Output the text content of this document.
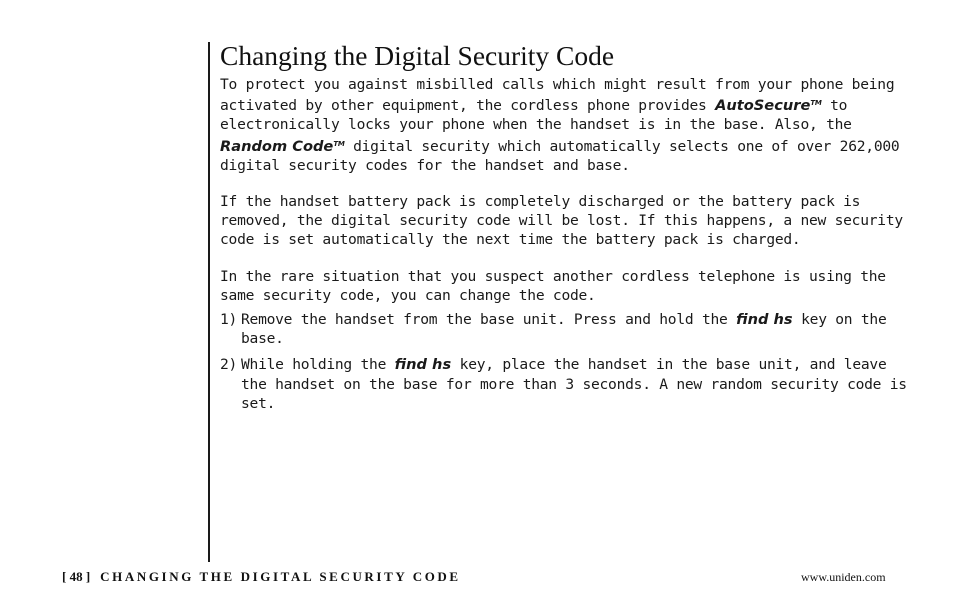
Changing the Digital Security Code

To protect you against misbilled calls which might result from your phone being activated by other equipment, the cordless phone provides AutoSecure™ to electronically locks your phone when the handset is in the base. Also, the Random Code™ digital security which automatically selects one of over 262,000 digital security codes for the handset and base.

If the handset battery pack is completely discharged or the battery pack is removed, the digital security code will be lost. If this happens, a new security code is set automatically the next time the battery pack is charged.

In the rare situation that you suspect another cordless telephone is using the same security code, you can change the code.

1) Remove the handset from the base unit. Press and hold the find hs key on the base.
2) While holding the find hs key, place the handset in the base unit, and leave the handset on the base for more than 3 seconds. A new random security code is set.
[ 48 ] CHANGING THE DIGITAL SECURITY CODE	www.uniden.com
